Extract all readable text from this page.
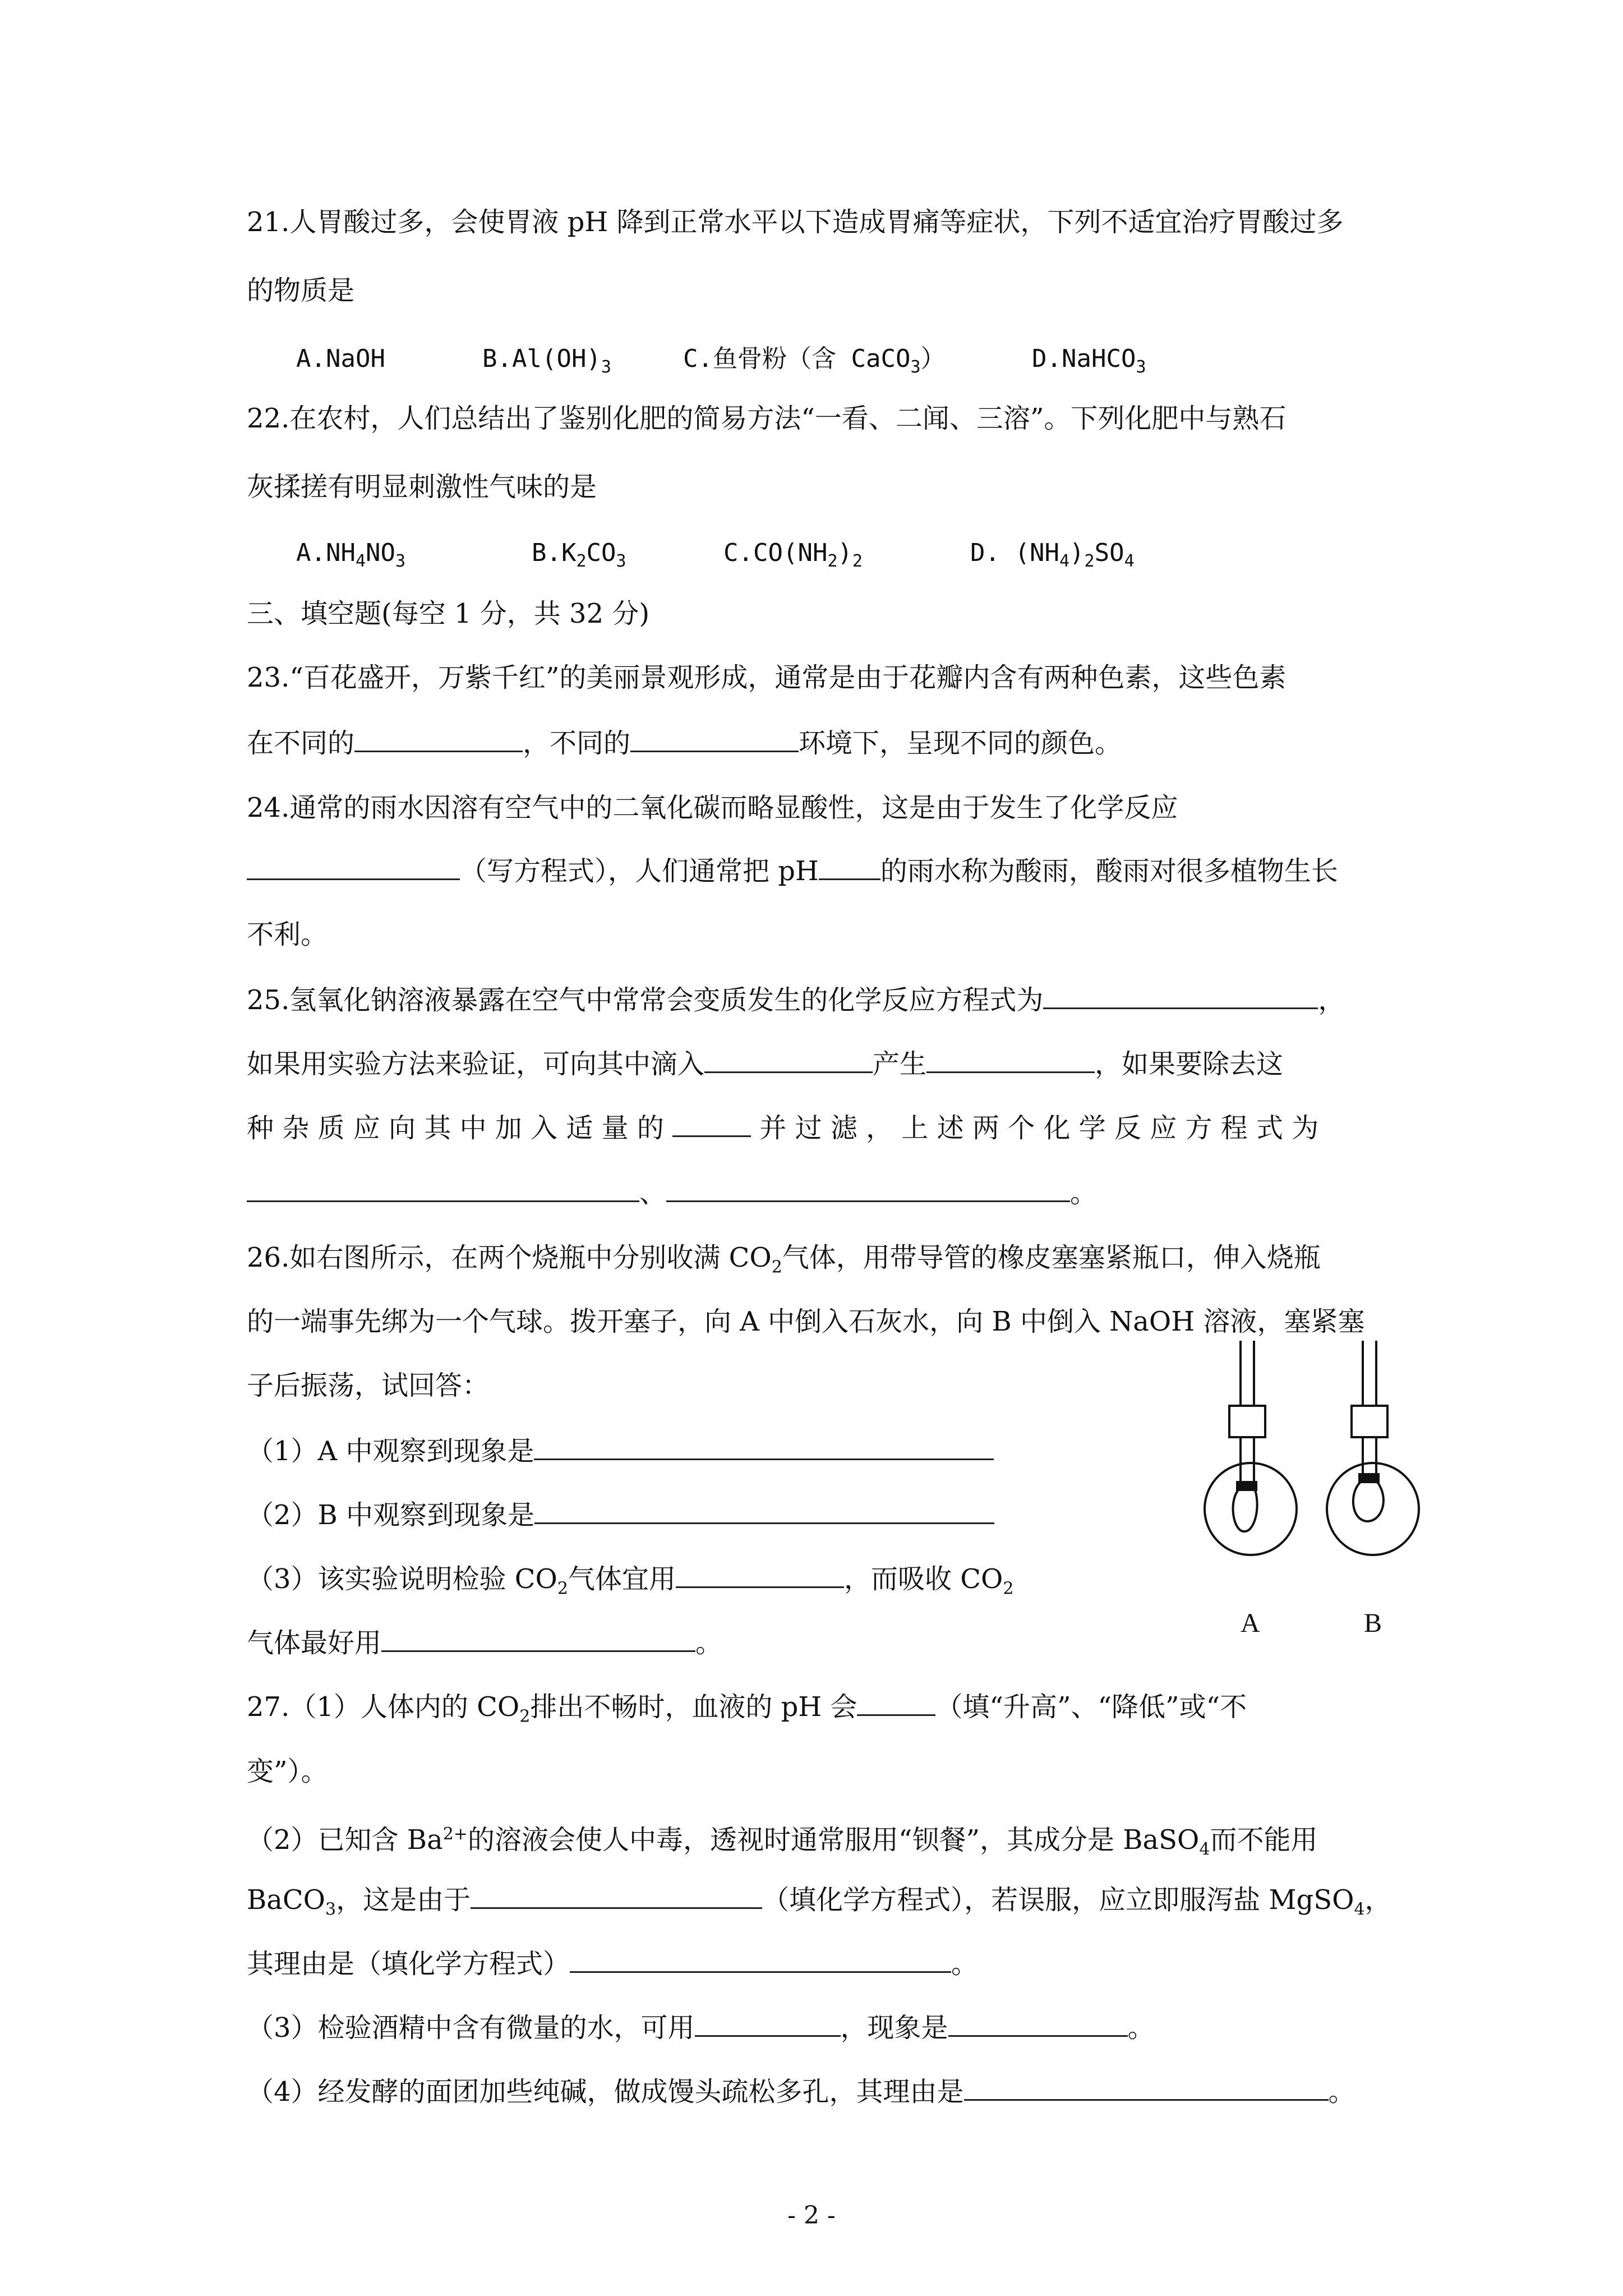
21.人胃酸过多，会使胃液 pH 降到正常水平以下造成胃痛等症状，下列不适宜治疗胃酸过多
的物质是
A.NaOH	$B.Al(OH)_3$	C.鱼骨粉（含 CaCO$_3$）	D.NaHCO$_3$
22.在农村，人们总结出了鉴别化肥的简易方法“一看、二闻、三溶”。下列化肥中与熟石
灰揉搓有明显刺激性气味的是
$A.NH_4NO_3$	$B.K_2CO_3$	$C.CO(NH_2)_2$	D. $(NH_4)_2SO_4$
三、填空题(每空 1 分，共 32 分)
23.“百花盛开，万紫千红”的美丽景观形成，通常是由于花瓣内含有两种色素，这些色素
在不同的	，不同的	环境下，呈现不同的颜色。
24.通常的雨水因溶有空气中的二氧化碳而略显酸性，这是由于发生了化学反应
（写方程式），人们通常把 pH 的雨水称为酸雨，酸雨对很多植物生长
不利。
25.氢氧化钠溶液暴露在空气中常常会变质发生的化学反应方程式为	，
如果用实验方法来验证，可向其中滴入	产生	，如果要除去这
种 杂 质 应 向 其 中 加 入 适 量 的	并 过 滤 ， 上 述 两 个 化 学 反 应 方 程 式 为
、	。
26.如右图所示，在两个烧瓶中分别收满 $CO_2$气体，用带导管的橡皮塞塞紧瓶口，伸入烧瓶
的一端事先绑为一个气球。拨开塞子，向 A 中倒入石灰水，向 B 中倒入 NaOH 溶液，塞紧塞
子后振荡，试回答：
（1）A 中观察到现象是
（2）B 中观察到现象是
（3）该实验说明检验 $CO_2$气体宜用	，而吸收 $CO_2$
气体最好用	。
A	B
27.（1）人体内的 $CO_2$排出不畅时，血液的 pH 会	（填“升高”、“降低”或“不
变”）。
（2）已知含 $Ba^{2+}$的溶液会使人中毒，透视时通常服用“钡餐”，其成分是 BaSO$_4$而不能用
BaCO$_3$，这是由于	（填化学方程式），若误服，应立即服泻盐 MgSO$_4$，
其理由是（填化学方程式）	。
（3）检验酒精中含有微量的水，可用	，现象是	。
（4）经发酵的面团加些纯碱，做成馒头疏松多孔，其理由是	。
- 2 -
